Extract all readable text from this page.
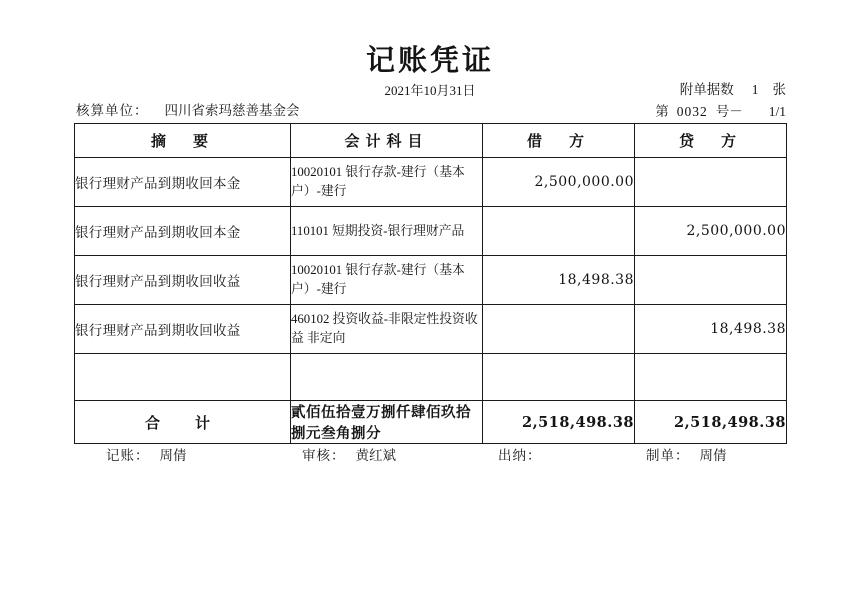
记账凭证
2021年10月31日	附单据数 1 张
第 0032 号－ 1/1
核算单位： 四川省索玛慈善基金会
摘　要	会计科目	借　方	贷　方
银行理财产品到期收回本金	10020101 银行存款-建行（基本户）-建行	2,500,000.00	
银行理财产品到期收回本金	110101 短期投资-银行理财产品		2,500,000.00
银行理财产品到期收回收益	10020101 银行存款-建行（基本户）-建行	18,498.38	
银行理财产品到期收回收益	460102 投资收益-非限定性投资收益 非定向		18,498.38

合　计	貳佰伍拾壹万捌仟肆佰玖拾捌元叁角捌分	2,518,498.38	2,518,498.38
记账： 周倩	审核： 黄红斌	出纳：	制单： 周倩
